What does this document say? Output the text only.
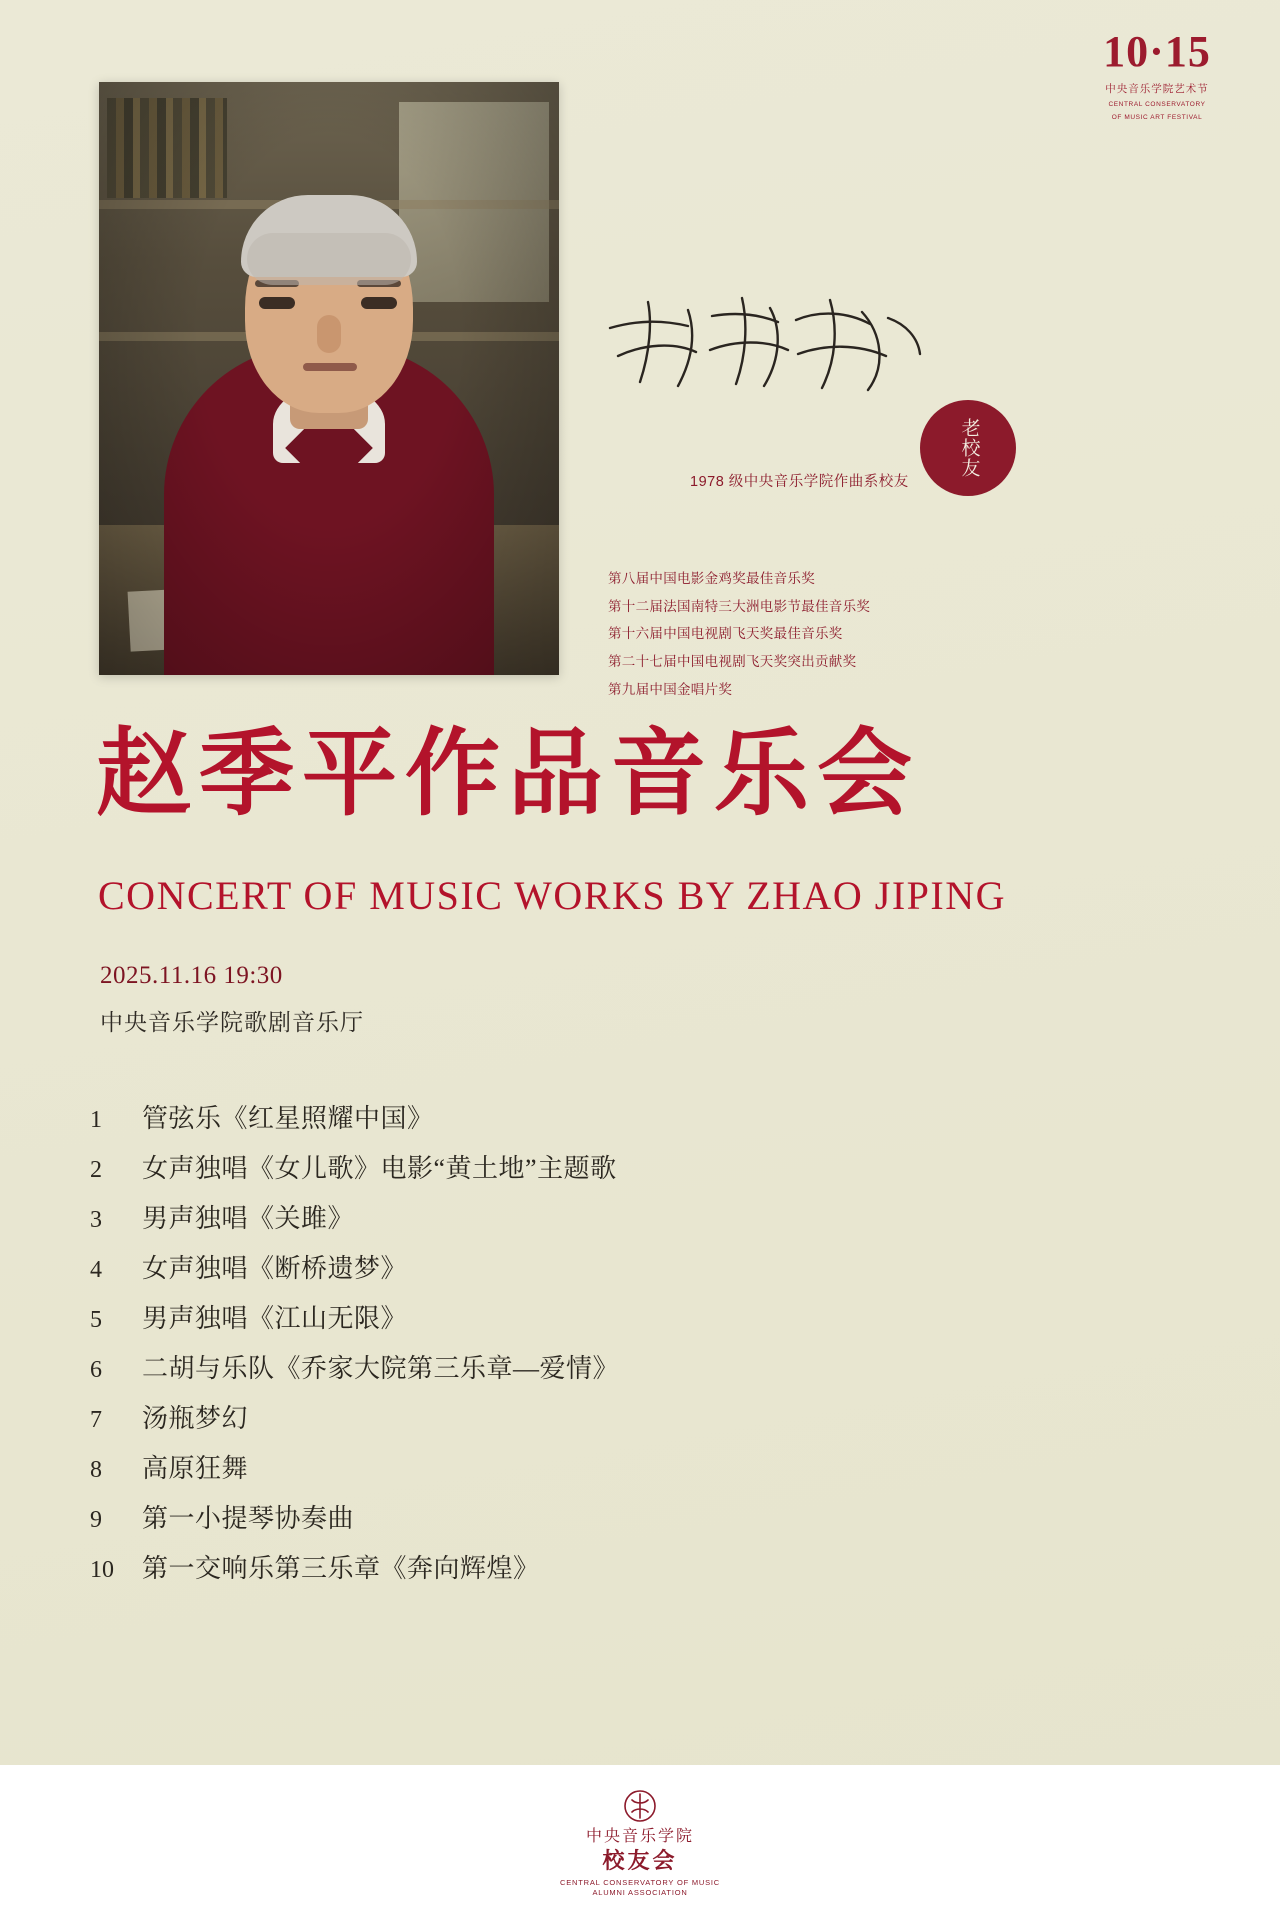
10·15
中央音乐学院艺术节
CENTRAL CONSERVATORY
OF MUSIC ART FESTIVAL
1978 级中央音乐学院作曲系校友
老校友
第八届中国电影金鸡奖最佳音乐奖
第十二届法国南特三大洲电影节最佳音乐奖
第十六届中国电视剧飞天奖最佳音乐奖
第二十七届中国电视剧飞天奖突出贡献奖
第九届中国金唱片奖
赵季平作品音乐会
CONCERT OF MUSIC WORKS BY ZHAO JIPING
2025.11.16 19:30
中央音乐学院歌剧音乐厅
1	管弦乐《红星照耀中国》
2	女声独唱《女儿歌》电影“黄土地”主题歌
3	男声独唱《关雎》
4	女声独唱《断桥遗梦》
5	男声独唱《江山无限》
6	二胡与乐队《乔家大院第三乐章—爱情》
7	汤瓶梦幻
8	高原狂舞
9	第一小提琴协奏曲
10	第一交响乐第三乐章《奔向辉煌》
中央音乐学院
校友会
CENTRAL CONSERVATORY OF MUSIC
ALUMNI ASSOCIATION
